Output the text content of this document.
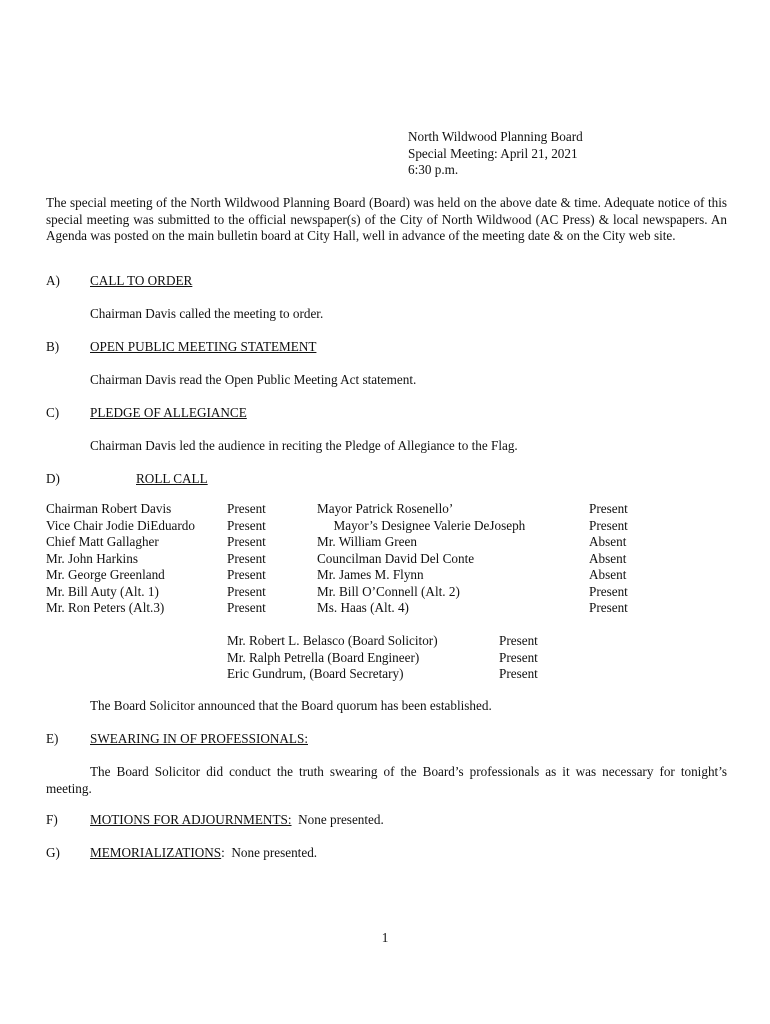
North Wildwood Planning Board
Special Meeting: April 21, 2021
6:30 p.m.

The special meeting of the North Wildwood Planning Board (Board) was held on the above date & time. Adequate notice of this special meeting was submitted to the official newspaper(s) of the City of North Wildwood (AC Press) & local newspapers. An Agenda was posted on the main bulletin board at City Hall, well in advance of the meeting date & on the City web site.

A) CALL TO ORDER
Chairman Davis called the meeting to order.
B) OPEN PUBLIC MEETING STATEMENT
Chairman Davis read the Open Public Meeting Act statement.
C) PLEDGE OF ALLEGIANCE
Chairman Davis led the audience in reciting the Pledge of Allegiance to the Flag.
D)	ROLL CALL
Chairman Robert Davis
Vice Chair Jodie DiEduardo
Chief Matt Gallagher
Mr. John Harkins
Mr. George Greenland
Mr. Bill Auty (Alt. 1)
Mr. Ron Peters (Alt.3)
Present
Present
Present
Present
Present
Present
Present
Mayor Patrick Rosenello’
Mayor’s Designee Valerie DeJoseph
Mr. William Green
Councilman David Del Conte
Mr. James M. Flynn
Mr. Bill O’Connell (Alt. 2)
Ms. Haas (Alt. 4)
Present
Present
Absent
Absent
Absent
Present
Present
Mr. Robert L. Belasco (Board Solicitor)
Mr. Ralph Petrella (Board Engineer)
Eric Gundrum, (Board Secretary)
Present
Present
Present
The Board Solicitor announced that the Board quorum has been established.
E) SWEARING IN OF PROFESSIONALS:

The Board Solicitor did conduct the truth swearing of the Board’s professionals as it was necessary for tonight’s meeting.

F) MOTIONS FOR ADJOURNMENTS:  None presented.
G) MEMORIALIZATIONS:  None presented.
1
